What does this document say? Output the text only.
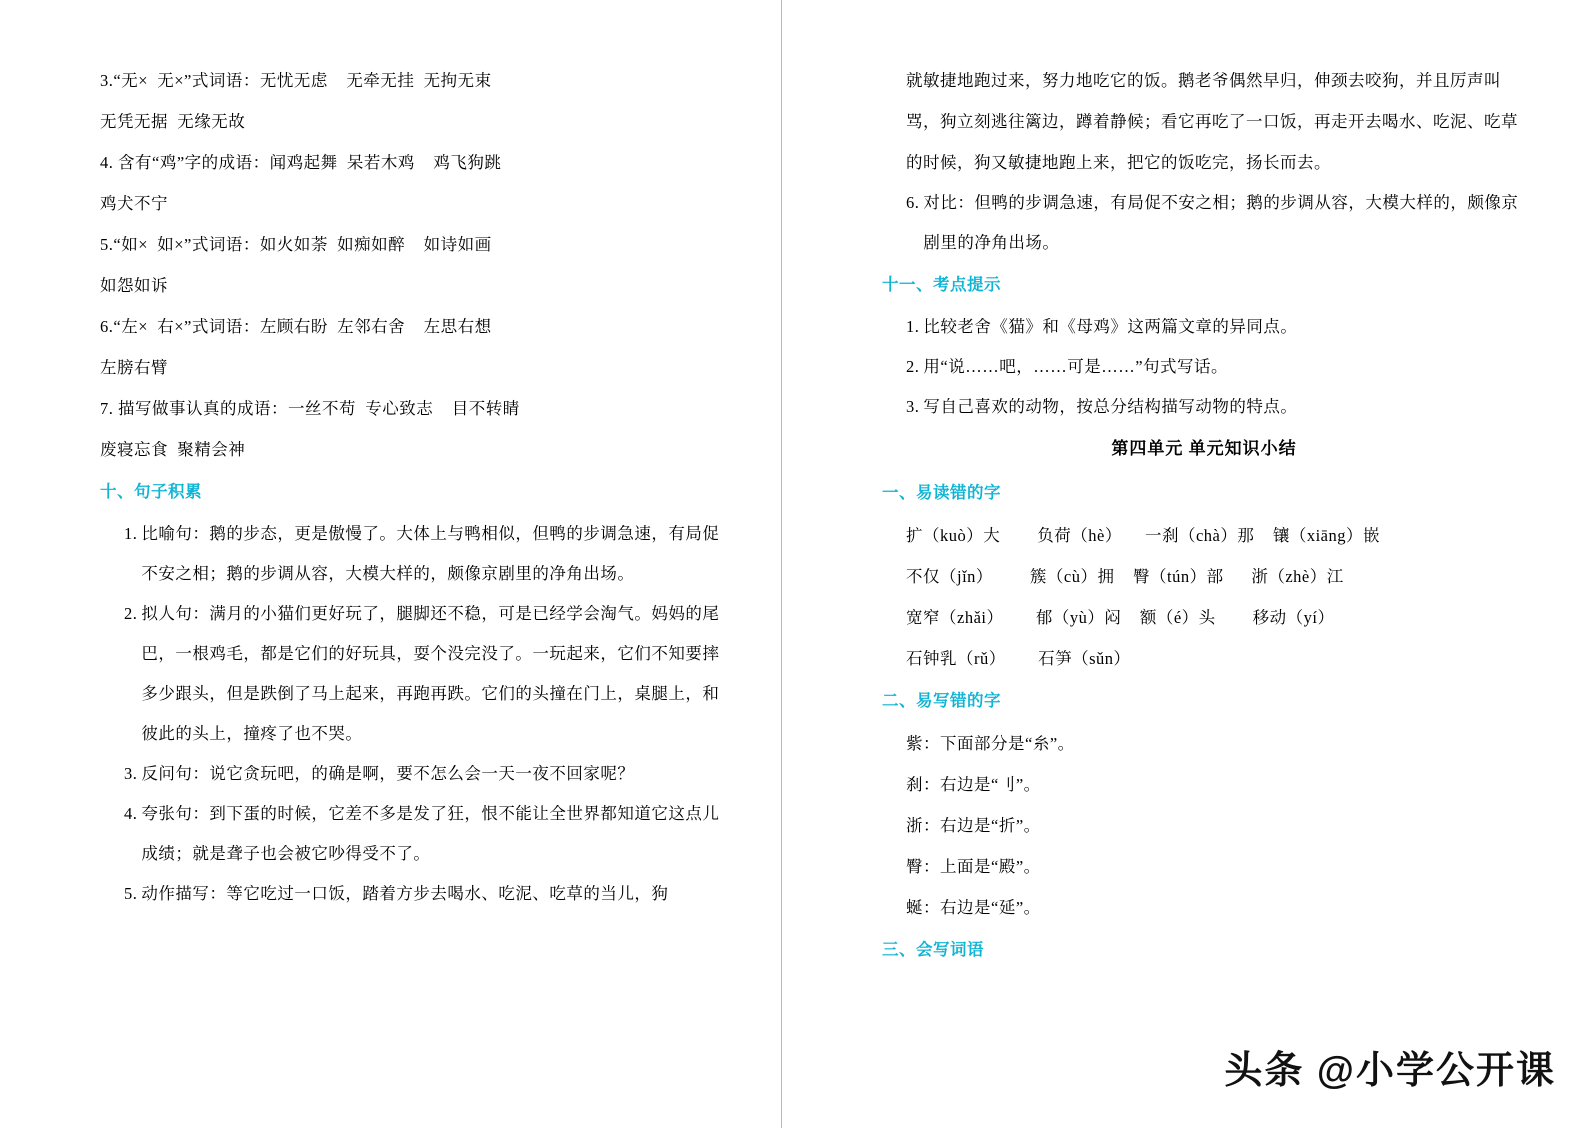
3.“无×  无×”式词语：无忧无虑    无牵无挂  无拘无束
无凭无据  无缘无故
4. 含有“鸡”字的成语：闻鸡起舞  呆若木鸡    鸡飞狗跳
鸡犬不宁
5.“如×  如×”式词语：如火如荼  如痴如醉    如诗如画
如怨如诉
6.“左×  右×”式词语：左顾右盼  左邻右舍    左思右想
左膀右臂
7. 描写做事认真的成语：一丝不苟  专心致志    目不转睛
废寝忘食  聚精会神
十、句子积累
1. 比喻句：鹅的步态，更是傲慢了。大体上与鸭相似，但鸭的步调急速，有局促不安之相；鹅的步调从容，大模大样的，颇像京剧里的净角出场。
2. 拟人句：满月的小猫们更好玩了，腿脚还不稳，可是已经学会淘气。妈妈的尾巴，一根鸡毛，都是它们的好玩具，耍个没完没了。一玩起来，它们不知要摔多少跟头，但是跌倒了马上起来，再跑再跌。它们的头撞在门上，桌腿上，和彼此的头上，撞疼了也不哭。
3. 反问句：说它贪玩吧，的确是啊，要不怎么会一天一夜不回家呢？
4. 夸张句：到下蛋的时候，它差不多是发了狂，恨不能让全世界都知道它这点儿成绩；就是聋子也会被它吵得受不了。
5. 动作描写：等它吃过一口饭，踏着方步去喝水、吃泥、吃草的当儿，狗
就敏捷地跑过来，努力地吃它的饭。鹅老爷偶然早归，伸颈去咬狗，并且厉声叫骂，狗立刻逃往篱边，蹲着静候；看它再吃了一口饭，再走开去喝水、吃泥、吃草的时候，狗又敏捷地跑上来，把它的饭吃完，扬长而去。
6. 对比：但鸭的步调急速，有局促不安之相；鹅的步调从容，大模大样的，颇像京剧里的净角出场。
十一、考点提示
1. 比较老舍《猫》和《母鸡》这两篇文章的异同点。
2. 用“说……吧，……可是……”句式写话。
3. 写自己喜欢的动物，按总分结构描写动物的特点。
第四单元 单元知识小结
一、易读错的字
扩（kuò）大        负荷（hè）     一刹（chà）那    镶（xiāng）嵌
不仅（jǐn）        簇（cù）拥    臀（tún）部      浙（zhè）江
宽窄（zhǎi）       郁（yù）闷    额（é）头        移动（yí）
石钟乳（rǔ）       石笋（sǔn）
二、易写错的字
紫：下面部分是“糸”。
刹：右边是“刂”。
浙：右边是“折”。
臀：上面是“殿”。
蜒：右边是“延”。
三、会写词语
头条 @小学公开课
